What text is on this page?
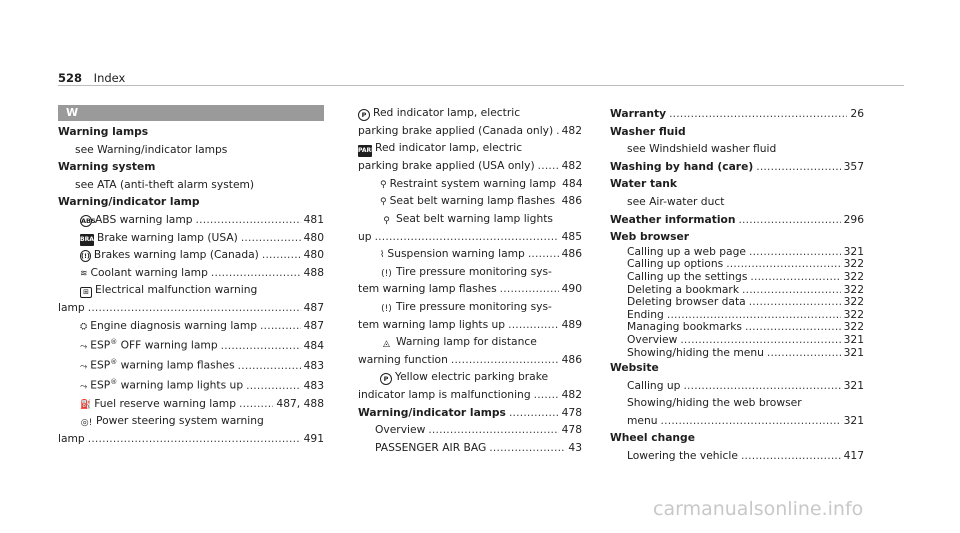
528 Index
W
Warning lamps
see Warning/indicator lamps
Warning system
see ATA (anti-theft alarm system)
Warning/indicator lamp
ABS ABS warning lamp . . .	481
BRAKE
Brake warning lamp (USA) . . .	480
(!) Brakes warning lamp (Canada) . . .	480
≋ Coolant warning lamp . . .	488
⊞ Electrical malfunction warning
lamp . . .	487
⛭ Engine diagnosis warning lamp . . .	487
⤳ ESP® OFF warning lamp . . .	484
⤳ ESP® warning lamp flashes . . .	483
⤳ ESP® warning lamp lights up . . .	483
⛽ Fuel reserve warning lamp . . .	487, 488
◎! Power steering system warning
lamp . . .	491
P Red indicator lamp, electric
parking brake applied (Canada only) . . . 482
PARKRed indicator lamp, electric
parking brake applied (USA only) . . .	482
⚲ Restraint system warning lamp 484
⚲ Seat belt warning lamp flashes . . . 486
⚲ Seat belt warning lamp lights
up . . .	485
⌇ Suspension warning lamp . . .	486
(!) Tire pressure monitoring sys-
tem warning lamp flashes . . .	490
(!) Tire pressure monitoring sys-
tem warning lamp lights up . . .	489
◬ Warning lamp for distance
warning function . . .	486
P Yellow electric parking brake
indicator lamp is malfunctioning . . .	482
Warning/indicator lamps . . .	478
Overview . . .	478
PASSENGER AIR BAG . . .	43
Warranty . . .	26
Washer fluid
see Windshield washer fluid
Washing by hand (care) . . .	357
Water tank
see Air-water duct
Weather information . . .	296
Web browser
Calling up a web page . . .	321
Calling up options . . .	322
Calling up the settings . . .	322
Deleting a bookmark . . .	322
Deleting browser data . . .	322
Ending . . .	322
Managing bookmarks . . .	322
Overview . . .	321
Showing/hiding the menu . . .	321
Website
Calling up . . .	321
Showing/hiding the web browser
menu . . .	321
Wheel change
Lowering the vehicle . . .	417
carmanualsonline.info
